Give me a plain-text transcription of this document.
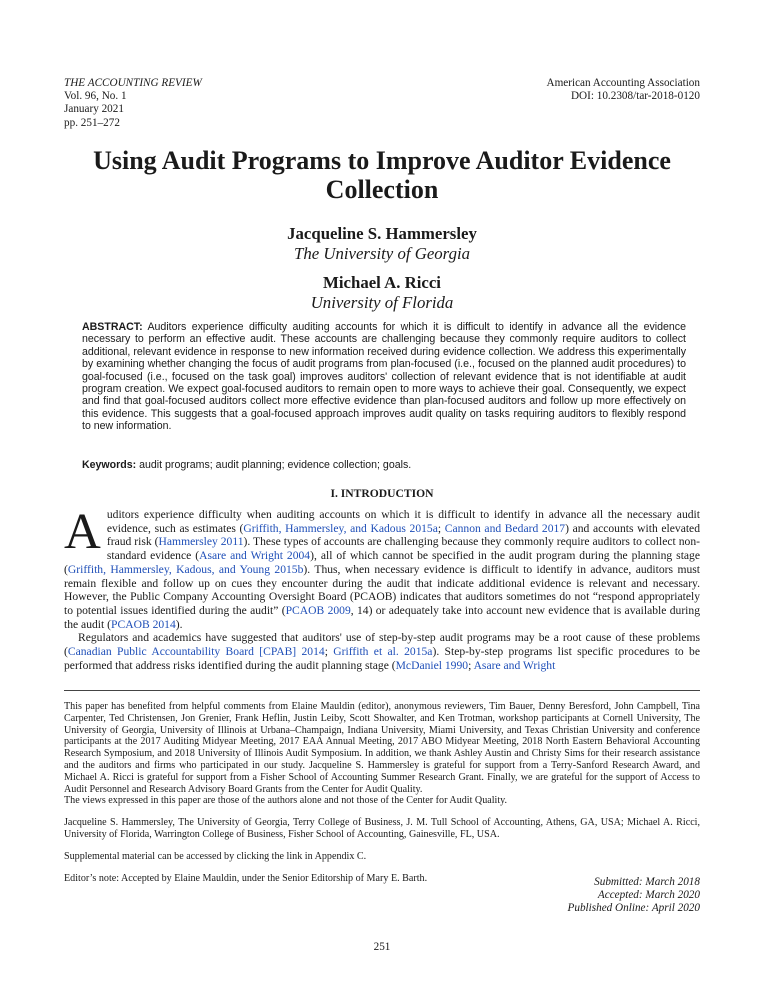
THE ACCOUNTING REVIEW
Vol. 96, No. 1
January 2021
pp. 251–272
American Accounting Association
DOI: 10.2308/tar-2018-0120
Using Audit Programs to Improve Auditor Evidence Collection
Jacqueline S. Hammersley
The University of Georgia
Michael A. Ricci
University of Florida
ABSTRACT: Auditors experience difficulty auditing accounts for which it is difficult to identify in advance all the evidence necessary to perform an effective audit. These accounts are challenging because they commonly require auditors to collect additional, relevant evidence in response to new information received during evidence collection. We address this experimentally by examining whether changing the focus of audit programs from plan-focused (i.e., focused on the planned audit procedures) to goal-focused (i.e., focused on the task goal) improves auditors' collection of relevant evidence that is not identifiable at audit program creation. We expect goal-focused auditors to remain open to more ways to achieve their goal. Consequently, we expect and find that goal-focused auditors collect more effective evidence than plan-focused auditors and follow up more effectively on this evidence. This suggests that a goal-focused approach improves audit quality on tasks requiring auditors to flexibly respond to new information.
Keywords: audit programs; audit planning; evidence collection; goals.
I. INTRODUCTION

A uditors experience difficulty when auditing accounts on which it is difficult to identify in advance all the necessary audit evidence, such as estimates (Griffith, Hammersley, and Kadous 2015a; Cannon and Bedard 2017) and accounts with elevated fraud risk (Hammersley 2011). These types of accounts are challenging because they commonly require auditors to collect non-standard evidence (Asare and Wright 2004), all of which cannot be specified in the audit program during the planning stage (Griffith, Hammersley, Kadous, and Young 2015b). Thus, when necessary evidence is difficult to identify in advance, auditors must remain flexible and follow up on cues they encounter during the audit that indicate additional evidence is relevant and necessary. However, the Public Company Accounting Oversight Board (PCAOB) indicates that auditors sometimes do not “respond appropriately to potential issues identified during the audit” (PCAOB 2009, 14) or adequately take into account new evidence that is available during the audit (PCAOB 2014).

Regulators and academics have suggested that auditors' use of step-by-step audit programs may be a root cause of these problems (Canadian Public Accountability Board [CPAB] 2014; Griffith et al. 2015a). Step-by-step programs list specific procedures to be performed that address risks identified during the audit planning stage (McDaniel 1990; Asare and Wright

This paper has benefited from helpful comments from Elaine Mauldin (editor), anonymous reviewers, Tim Bauer, Denny Beresford, John Campbell, Tina Carpenter, Ted Christensen, Jon Grenier, Frank Heflin, Justin Leiby, Scott Showalter, and Ken Trotman, workshop participants at Cornell University, The University of Georgia, University of Illinois at Urbana–Champaign, Indiana University, Miami University, and Texas Christian University and conference participants at the 2017 Auditing Midyear Meeting, 2017 EAA Annual Meeting, 2017 ABO Midyear Meeting, 2018 North Eastern Behavioral Accounting Research Symposium, and 2018 University of Illinois Audit Symposium. In addition, we thank Ashley Austin and Christy Sims for their research assistance and the auditors and firms who participated in our study. Jacqueline S. Hammersley is grateful for support from a Terry-Sanford Research Award, and Michael A. Ricci is grateful for support from a Fisher School of Accounting Summer Research Grant. Finally, we are grateful for the support of Access to Audit Personnel and Research Advisory Board Grants from the Center for Audit Quality.
The views expressed in this paper are those of the authors alone and not those of the Center for Audit Quality.
Jacqueline S. Hammersley, The University of Georgia, Terry College of Business, J. M. Tull School of Accounting, Athens, GA, USA; Michael A. Ricci, University of Florida, Warrington College of Business, Fisher School of Accounting, Gainesville, FL, USA.
Supplemental material can be accessed by clicking the link in Appendix C.
Editor’s note: Accepted by Elaine Mauldin, under the Senior Editorship of Mary E. Barth.	Submitted: March 2018
Accepted: March 2020
Published Online: April 2020
251
